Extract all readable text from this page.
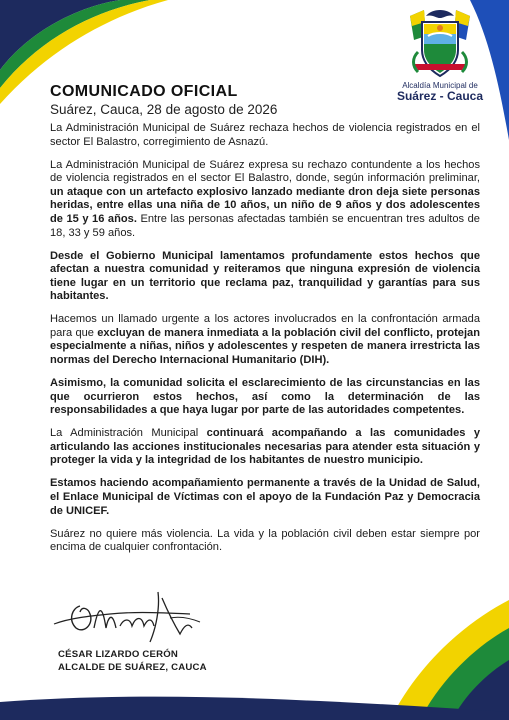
Alcaldía Municipal de
Suárez - Cauca
COMUNICADO OFICIAL
Suárez, Cauca, 28 de agosto de 2026

La Administración Municipal de Suárez rechaza hechos de violencia registrados en el sector El Balastro, corregimiento de Asnazú.

La Administración Municipal de Suárez expresa su rechazo contundente a los hechos de violencia registrados en el sector El Balastro, donde, según información preliminar, un ataque con un artefacto explosivo lanzado mediante dron deja siete personas heridas, entre ellas una niña de 10 años, un niño de 9 años y dos adolescentes de 15 y 16 años. Entre las personas afectadas también se encuentran tres adultos de 18, 33 y 59 años.

Desde el Gobierno Municipal lamentamos profundamente estos hechos que afectan a nuestra comunidad y reiteramos que ninguna expresión de violencia tiene lugar en un territorio que reclama paz, tranquilidad y garantías para sus habitantes.

Hacemos un llamado urgente a los actores involucrados en la confrontación armada para que excluyan de manera inmediata a la población civil del conflicto, protejan especialmente a niñas, niños y adolescentes y respeten de manera irrestricta las normas del Derecho Internacional Humanitario (DIH).

Asimismo, la comunidad solicita el esclarecimiento de las circunstancias en las que ocurrieron estos hechos, así como la determinación de las responsabilidades a que haya lugar por parte de las autoridades competentes.

La Administración Municipal continuará acompañando a las comunidades y articulando las acciones institucionales necesarias para atender esta situación y proteger la vida y la integridad de los habitantes de nuestro municipio.

Estamos haciendo acompañamiento permanente a través de la Unidad de Salud, el Enlace Municipal de Víctimas con el apoyo de la Fundación Paz y Democracia de UNICEF.

Suárez no quiere más violencia. La vida y la población civil deben estar siempre por encima de cualquier confrontación.

CÉSAR LIZARDO CERÓN
ALCALDE DE SUÁREZ, CAUCA
